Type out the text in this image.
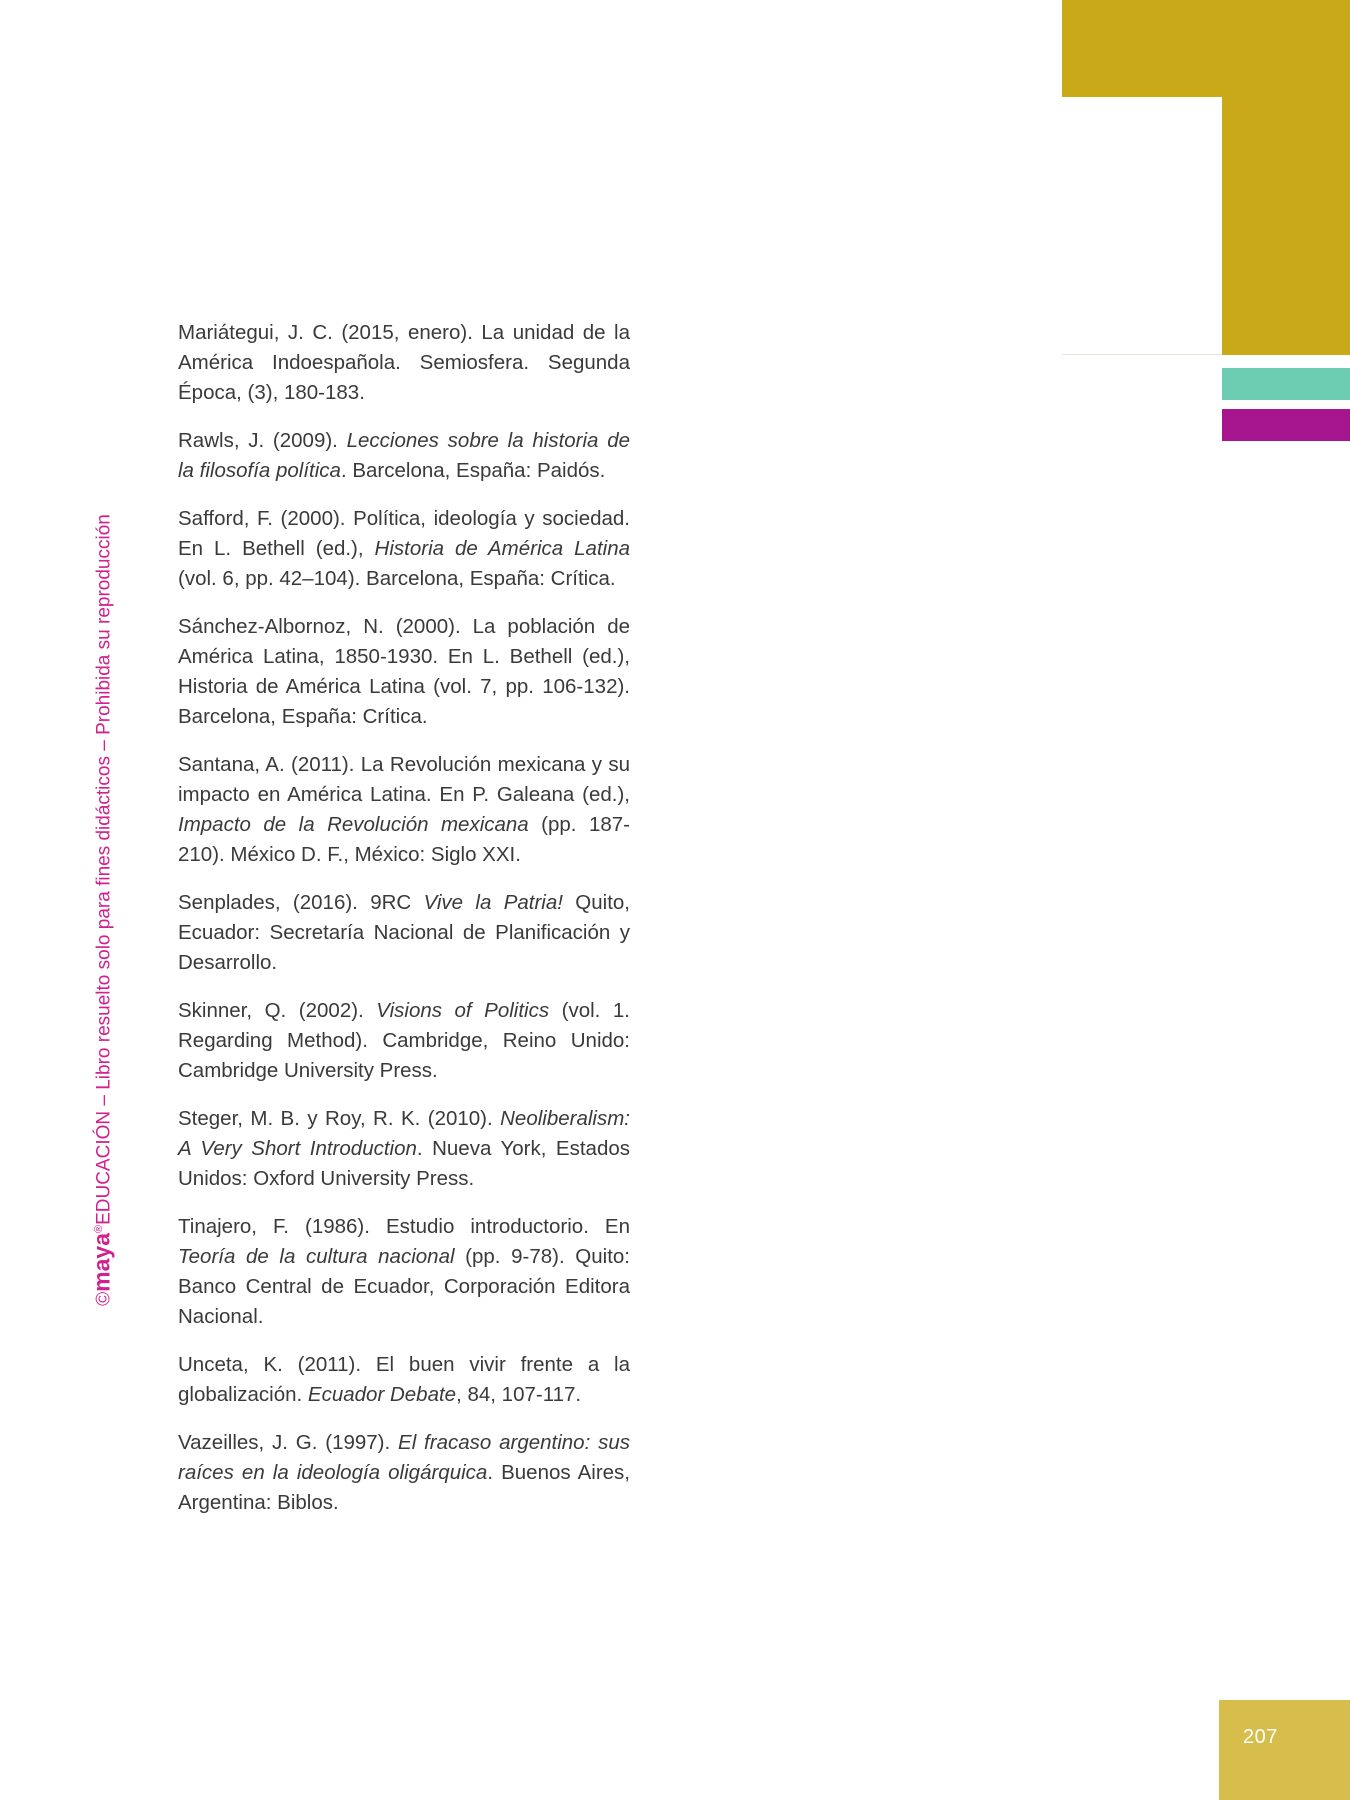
207
©maya®EDUCACIÓN – Libro resuelto solo para fines didácticos – Prohibida su reproducción
Mariátegui, J. C. (2015, enero). La unidad de la América Indoespañola. Semiosfera. Segunda Época, (3), 180-183.
Rawls, J. (2009). Lecciones sobre la historia de la filosofía política. Barcelona, España: Paidós.
Safford, F. (2000). Política, ideología y sociedad. En L. Bethell (ed.), Historia de América Latina (vol. 6, pp. 42–104). Barcelona, España: Crítica.
Sánchez-Albornoz, N. (2000). La población de América Latina, 1850-1930. En L. Bethell (ed.), Historia de América Latina (vol. 7, pp. 106-132). Barcelona, España: Crítica.
Santana, A. (2011). La Revolución mexicana y su impacto en América Latina. En P. Galeana (ed.), Impacto de la Revolución mexicana (pp. 187-210). México D. F., México: Siglo XXI.
Senplades, (2016). 9RC Vive la Patria! Quito, Ecuador: Secretaría Nacional de Planificación y Desarrollo.
Skinner, Q. (2002). Visions of Politics (vol. 1. Regarding Method). Cambridge, Reino Unido: Cambridge University Press.
Steger, M. B. y Roy, R. K. (2010). Neoliberalism: A Very Short Introduction. Nueva York, Estados Unidos: Oxford University Press.
Tinajero, F. (1986). Estudio introductorio. En Teoría de la cultura nacional (pp. 9-78). Quito: Banco Central de Ecuador, Corporación Editora Nacional.
Unceta, K. (2011). El buen vivir frente a la globalización. Ecuador Debate, 84, 107-117.
Vazeilles, J. G. (1997). El fracaso argentino: sus raíces en la ideología oligárquica. Buenos Aires, Argentina: Biblos.
